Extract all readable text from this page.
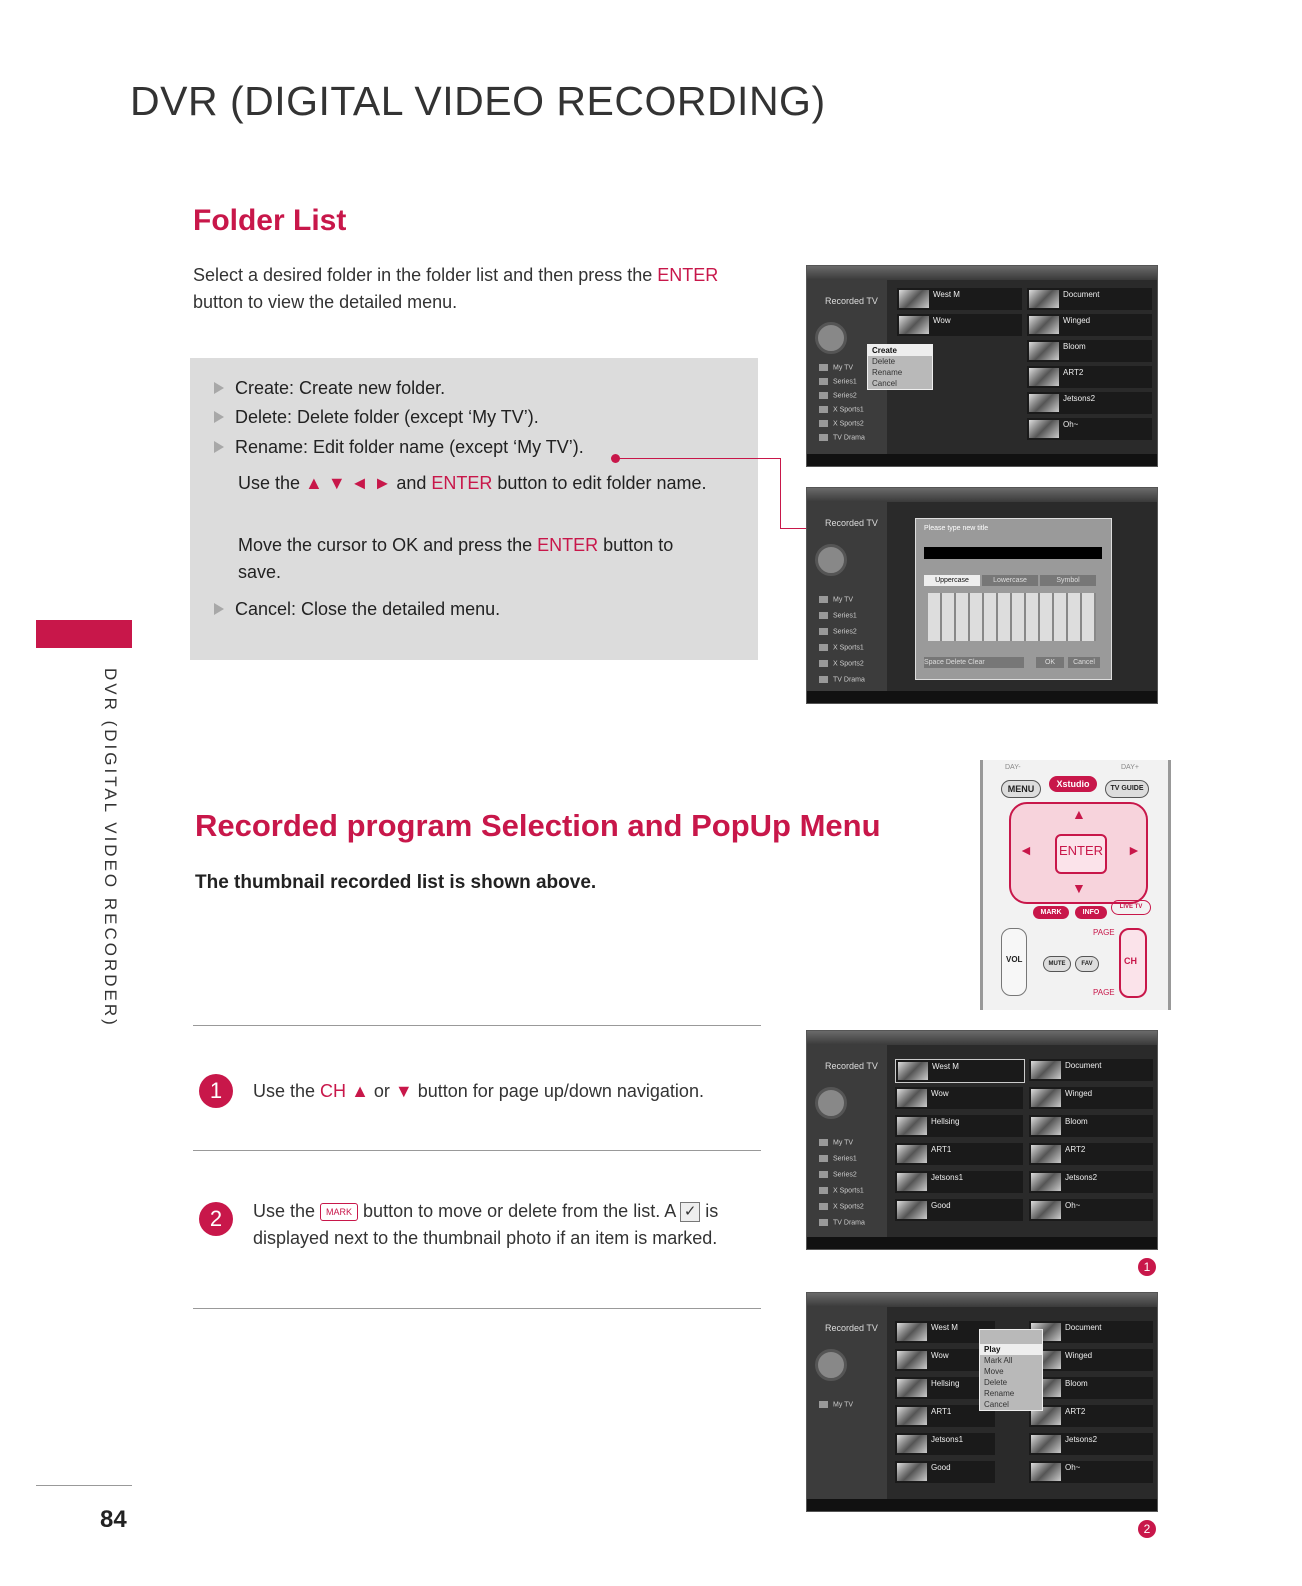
DVR (DIGITAL VIDEO RECORDING)
DVR (DIGITAL VIDEO RECORDER)
84
Folder List
Select a desired folder in the folder list and then press the ENTER button to view the detailed menu.
Create: Create new folder.
Delete: Delete folder (except ‘My TV’).
Rename: Edit folder name (except ‘My TV’).
Use the ▲ ▼ ◄ ► and ENTER button to edit folder name.
Move the cursor to OK and press the ENTER button to save.
Cancel: Close the detailed menu.
Recorded TV
My TV
Series1
Series2
X Sports1
X Sports2
TV Drama
West M
Wow
Document
Winged
Bloom
ART2
Jetsons2
Oh~
Create
Delete
Rename
Cancel
Recorded TV
My TV
Series1
Series2
X Sports1
X Sports2
TV Drama
Please type new title
Uppercase	Lowercase	Symbol
Space Delete Clear	OK	Cancel
DAY-	DAY+
MENU	Xstudio	TV GUIDE
▲
▼
◄	►
ENTER
MARK	INFO
LIVE TV
PAGE
VOL	MUTE	FAV	CH
PAGE
Recorded program Selection and PopUp Menu
The thumbnail recorded list is shown above.
1	Use the CH ▲ or ▼ button for page up/down navigation.
2	Use the MARK button to move or delete from the list. A ✓ is displayed next to the thumbnail photo if an item is marked.
Recorded TV
My TV
Series1
Series2
X Sports1
X Sports2
TV Drama
West M
Wow
Hellsing
ART1
Jetsons1
Good
Document
Winged
Bloom
ART2
Jetsons2
Oh~
1
Recorded TV
My TV
West M
Wow
Hellsing
ART1
Jetsons1
Good
Document
Winged
Bloom
ART2
Jetsons2
Oh~
Play
Mark All
Move
Delete
Rename
Cancel
2
